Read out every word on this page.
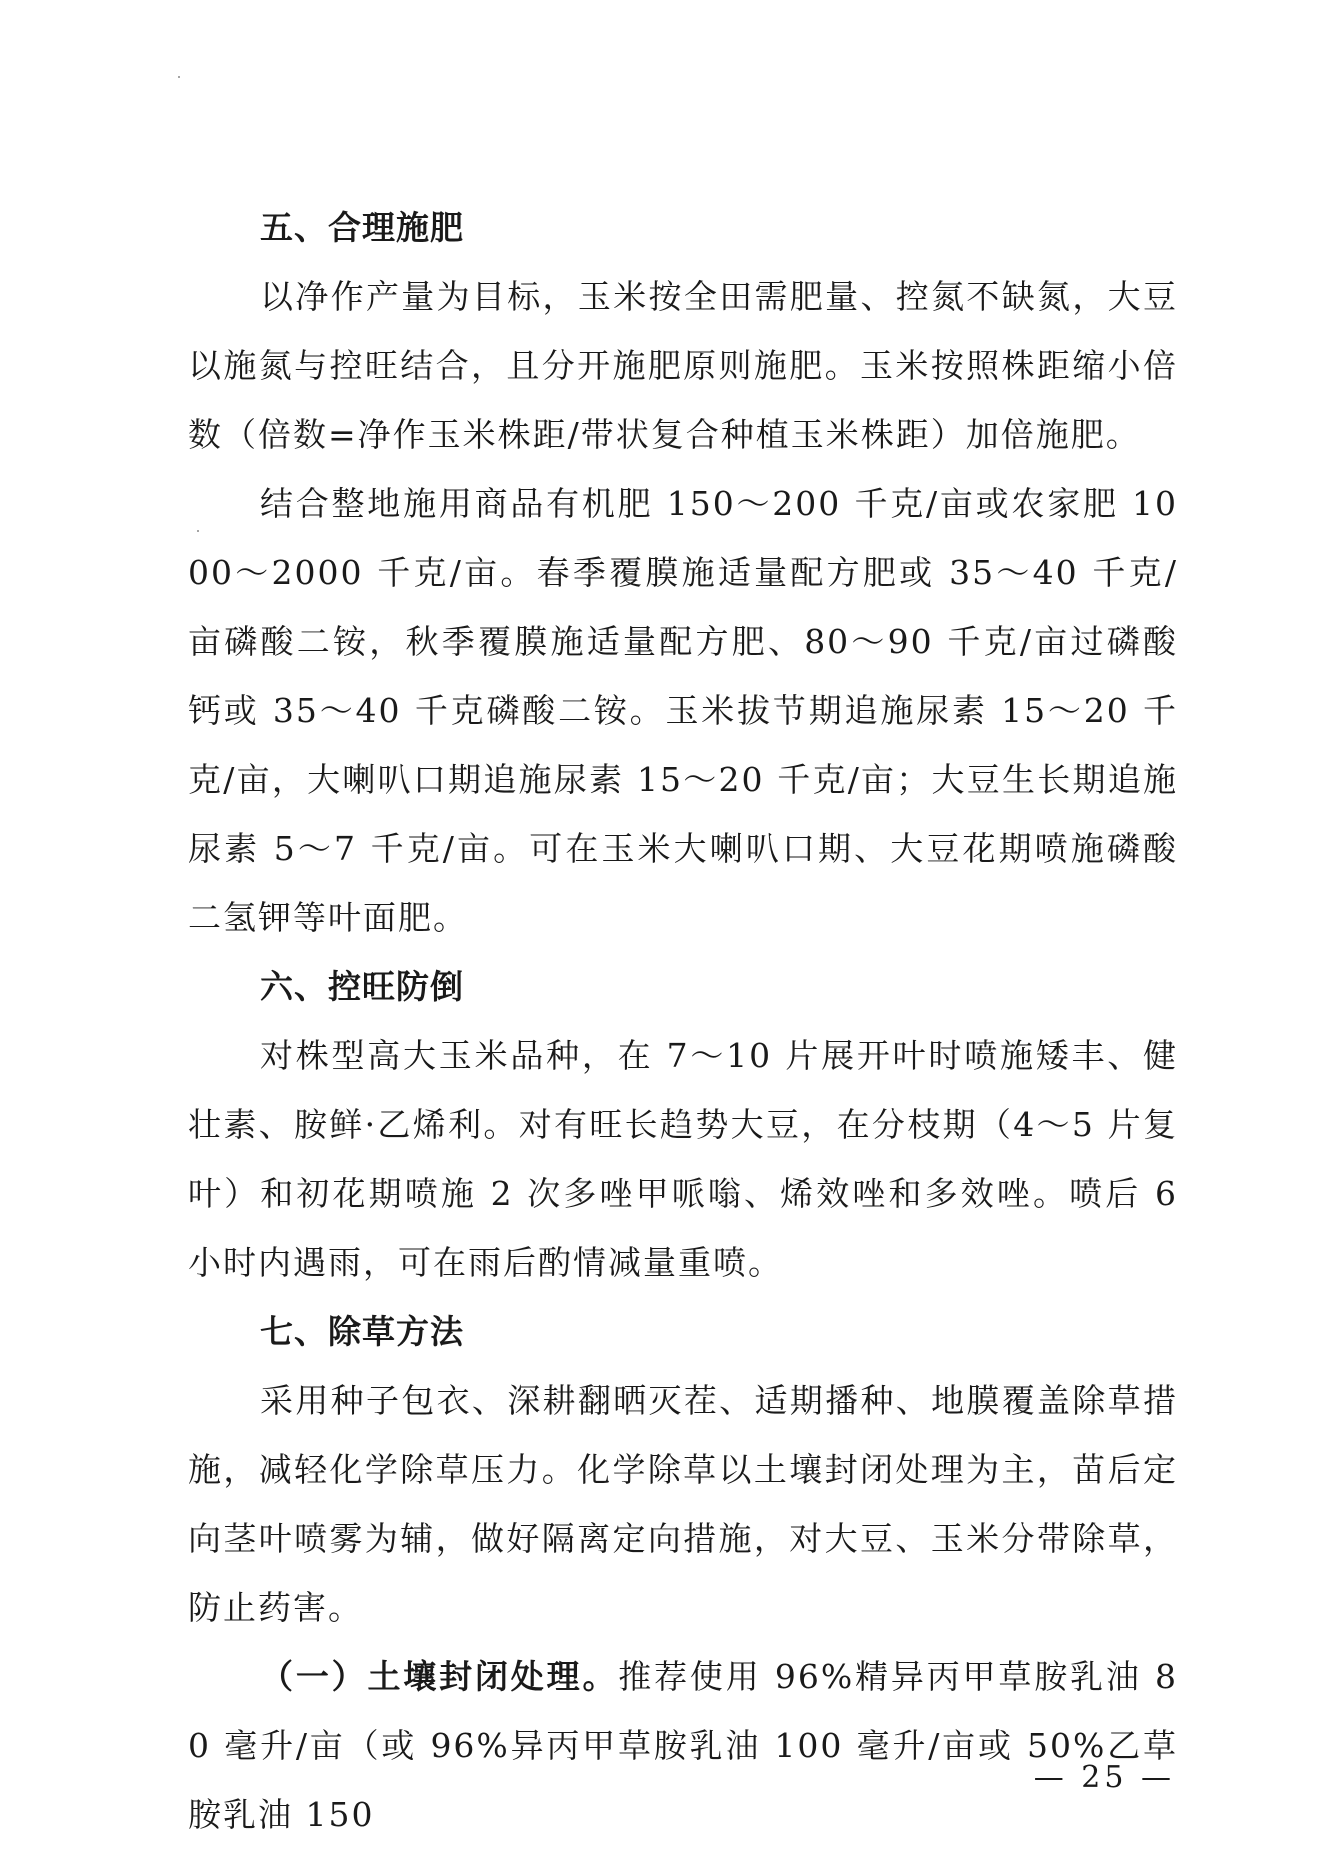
五、合理施肥

以净作产量为目标，玉米按全田需肥量、控氮不缺氮，大豆以施氮与控旺结合，且分开施肥原则施肥。玉米按照株距缩小倍数（倍数=净作玉米株距/带状复合种植玉米株距）加倍施肥。

结合整地施用商品有机肥 150～200 千克/亩或农家肥 1000～2000 千克/亩。春季覆膜施适量配方肥或 35～40 千克/亩磷酸二铵，秋季覆膜施适量配方肥、80～90 千克/亩过磷酸钙或 35～40 千克磷酸二铵。玉米拔节期追施尿素 15～20 千克/亩，大喇叭口期追施尿素 15～20 千克/亩；大豆生长期追施尿素 5～7 千克/亩。可在玉米大喇叭口期、大豆花期喷施磷酸二氢钾等叶面肥。

六、控旺防倒

对株型高大玉米品种，在 7～10 片展开叶时喷施矮丰、健壮素、胺鲜·乙烯利。对有旺长趋势大豆，在分枝期（4～5 片复叶）和初花期喷施 2 次多唑甲哌嗡、烯效唑和多效唑。喷后 6 小时内遇雨，可在雨后酌情减量重喷。

七、除草方法

采用种子包衣、深耕翻晒灭茬、适期播种、地膜覆盖除草措施，减轻化学除草压力。化学除草以土壤封闭处理为主，苗后定向茎叶喷雾为辅，做好隔离定向措施，对大豆、玉米分带除草，防止药害。

（一）土壤封闭处理。推荐使用 96%精异丙甲草胺乳油 80 毫升/亩（或 96%异丙甲草胺乳油 100 毫升/亩或 50%乙草胺乳油 150

— 25 —
